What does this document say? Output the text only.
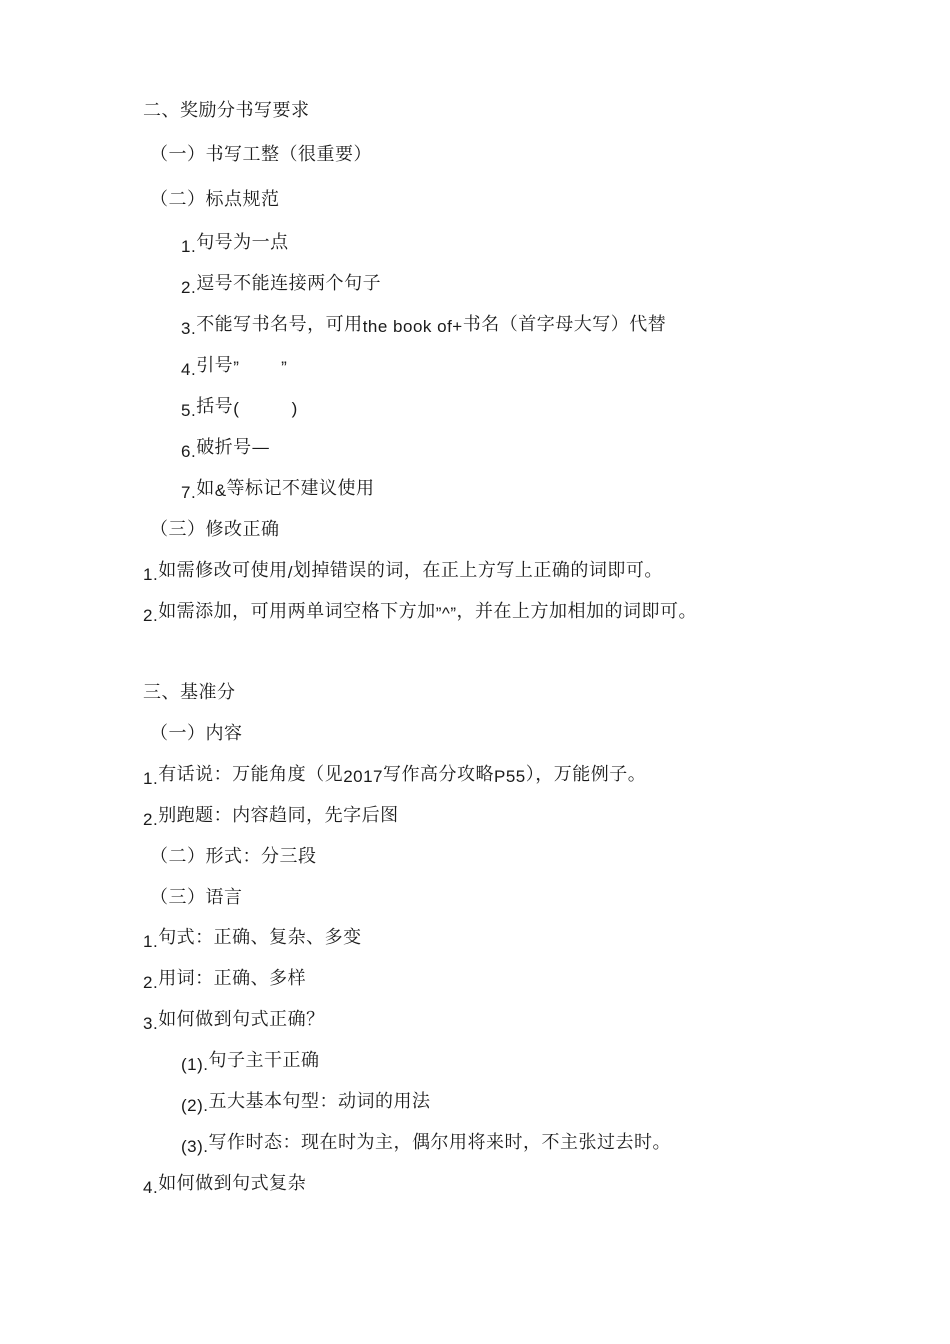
二、奖励分书写要求
（一）书写工整（很重要）
（二）标点规范
1.句号为一点
2.逗号不能连接两个句子
3.不能写书名号，可用the book of+书名（首字母大写）代替
4.引号”        ”
5.括号(          )
6.破折号—
7.如&等标记不建议使用
（三）修改正确
1.如需修改可使用/划掉错误的词，在正上方写上正确的词即可。
2.如需添加，可用两单词空格下方加”^”，并在上方加相加的词即可。
三、基准分
（一）内容
1.有话说：万能角度（见2017写作高分攻略P55），万能例子。
2.别跑题：内容趋同，先字后图
（二）形式：分三段
（三）语言
1.句式：正确、复杂、多变
2.用词：正确、多样
3.如何做到句式正确？
(1).句子主干正确
(2).五大基本句型：动词的用法
(3).写作时态：现在时为主，偶尔用将来时，不主张过去时。
4.如何做到句式复杂
